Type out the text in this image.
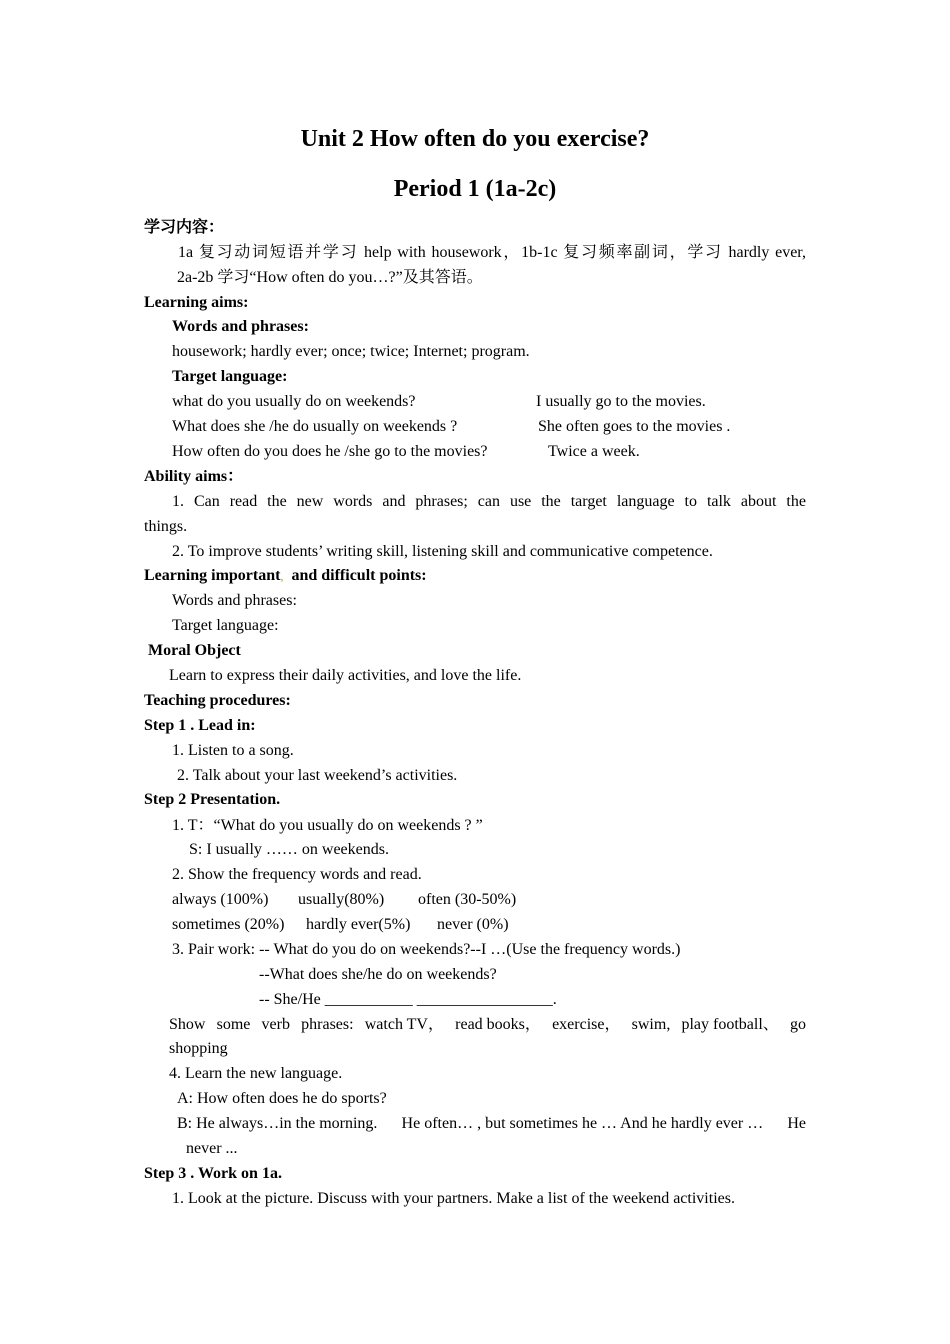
Unit 2 How often do you exercise?
Period 1 (1a-2c)
学习内容：
1a 复习动词短语并学习 help with housework，1b-1c 复习频率副词，学习 hardly ever,
2a-2b 学习“How often do you…?”及其答语。
Learning aims:
Words and phrases:
housework; hardly ever; once; twice; Internet; program.
Target language:
what do you usually do on weekends?	I usually go to the movies.
What does she /he do usually on weekends ?	She often goes to the movies .
How often do you does he /she go to the movies?	Twice a week.
Ability aims：
1. Can read the new words and phrases; can use the target language to talk about the
things.
2. To improve students’ writing skill, listening skill and communicative competence.
Learning important,  and difficult points:
Words and phrases:
Target language:
Moral Object
Learn to express their daily activities, and love the life.
Teaching procedures:
Step 1 . Lead in:
1. Listen to a song.
2. Talk about your last weekend’s activities.
Step 2 Presentation.
1. T：“What do you usually do on weekends ? ”
S: I usually …… on weekends.
2. Show the frequency words and read.
always (100%) usually(80%) often (30-50%)
sometimes (20%) hardly ever(5%) never (0%)
3. Pair work: -- What do you do on weekends?--I …(Use the frequency words.)
--What does she/he do on weekends?
-- She/He ___________ _________________.
Show some verb phrases: watch TV， read books， exercise， swim, play football、 go
shopping
4. Learn the new language.
A: How often does he do sports?
B: He always…in the morning. He often… , but sometimes he … And he hardly ever … He
never ...
Step 3 . Work on 1a.
1. Look at the picture. Discuss with your partners. Make a list of the weekend activities.
